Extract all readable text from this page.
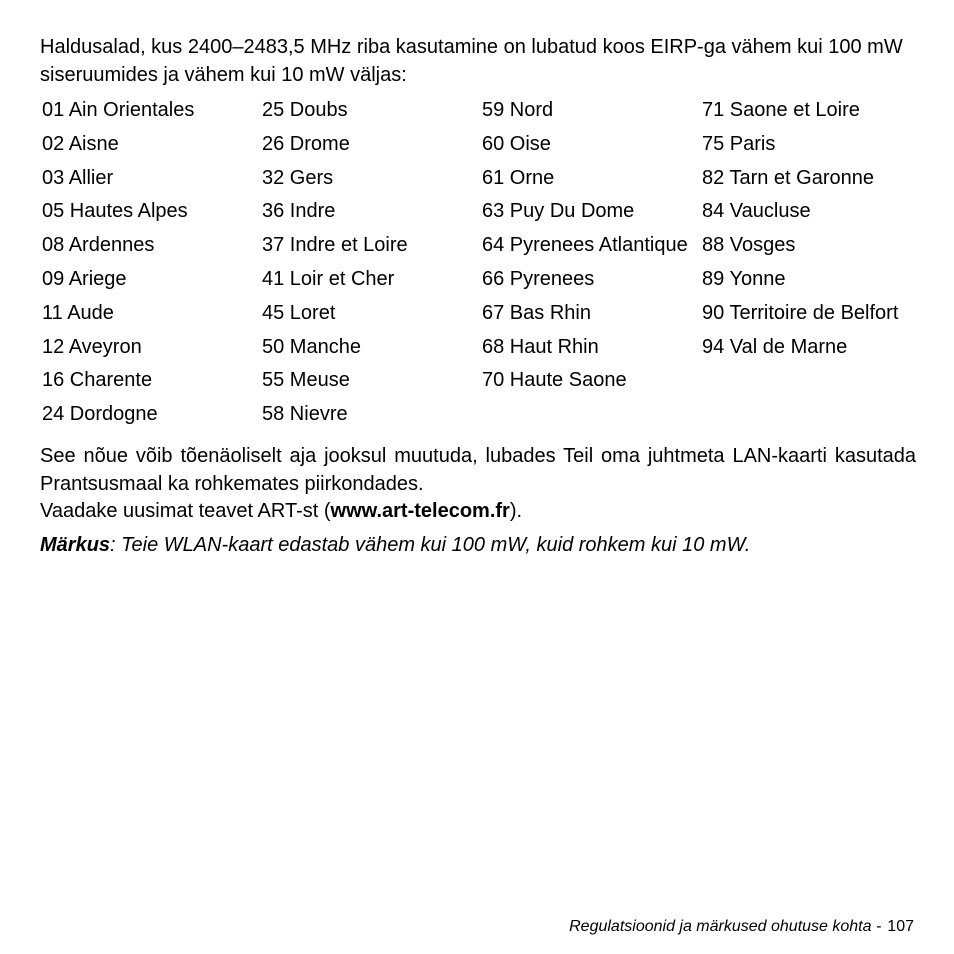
Haldusalad, kus 2400–2483,5 MHz riba kasutamine on lubatud koos EIRP-ga vähem kui 100 mW siseruumides ja vähem kui 10 mW väljas:

01 Ain Orientales
02 Aisne
03 Allier
05 Hautes Alpes
08 Ardennes
09 Ariege
11 Aude
12 Aveyron
16 Charente
24 Dordogne
25 Doubs
26 Drome
32 Gers
36 Indre
37 Indre et Loire
41 Loir et Cher
45 Loret
50 Manche
55 Meuse
58 Nievre
59 Nord
60 Oise
61 Orne
63 Puy Du Dome
64 Pyrenees Atlantique
66 Pyrenees
67 Bas Rhin
68 Haut Rhin
70 Haute Saone
71 Saone et Loire
75 Paris
82 Tarn et Garonne
84 Vaucluse
88 Vosges
89 Yonne
90 Territoire de Belfort
94 Val de Marne

See nõue võib tõenäoliselt aja jooksul muutuda, lubades Teil oma juhtmeta LAN-kaarti kasutada Prantsusmaal ka rohkemates piirkondades.

Vaadake uusimat teavet ART-st (www.art-telecom.fr).

Märkus: Teie WLAN-kaart edastab vähem kui 100 mW, kuid rohkem kui 10 mW.
Regulatsioonid ja märkused ohutuse kohta - 107
